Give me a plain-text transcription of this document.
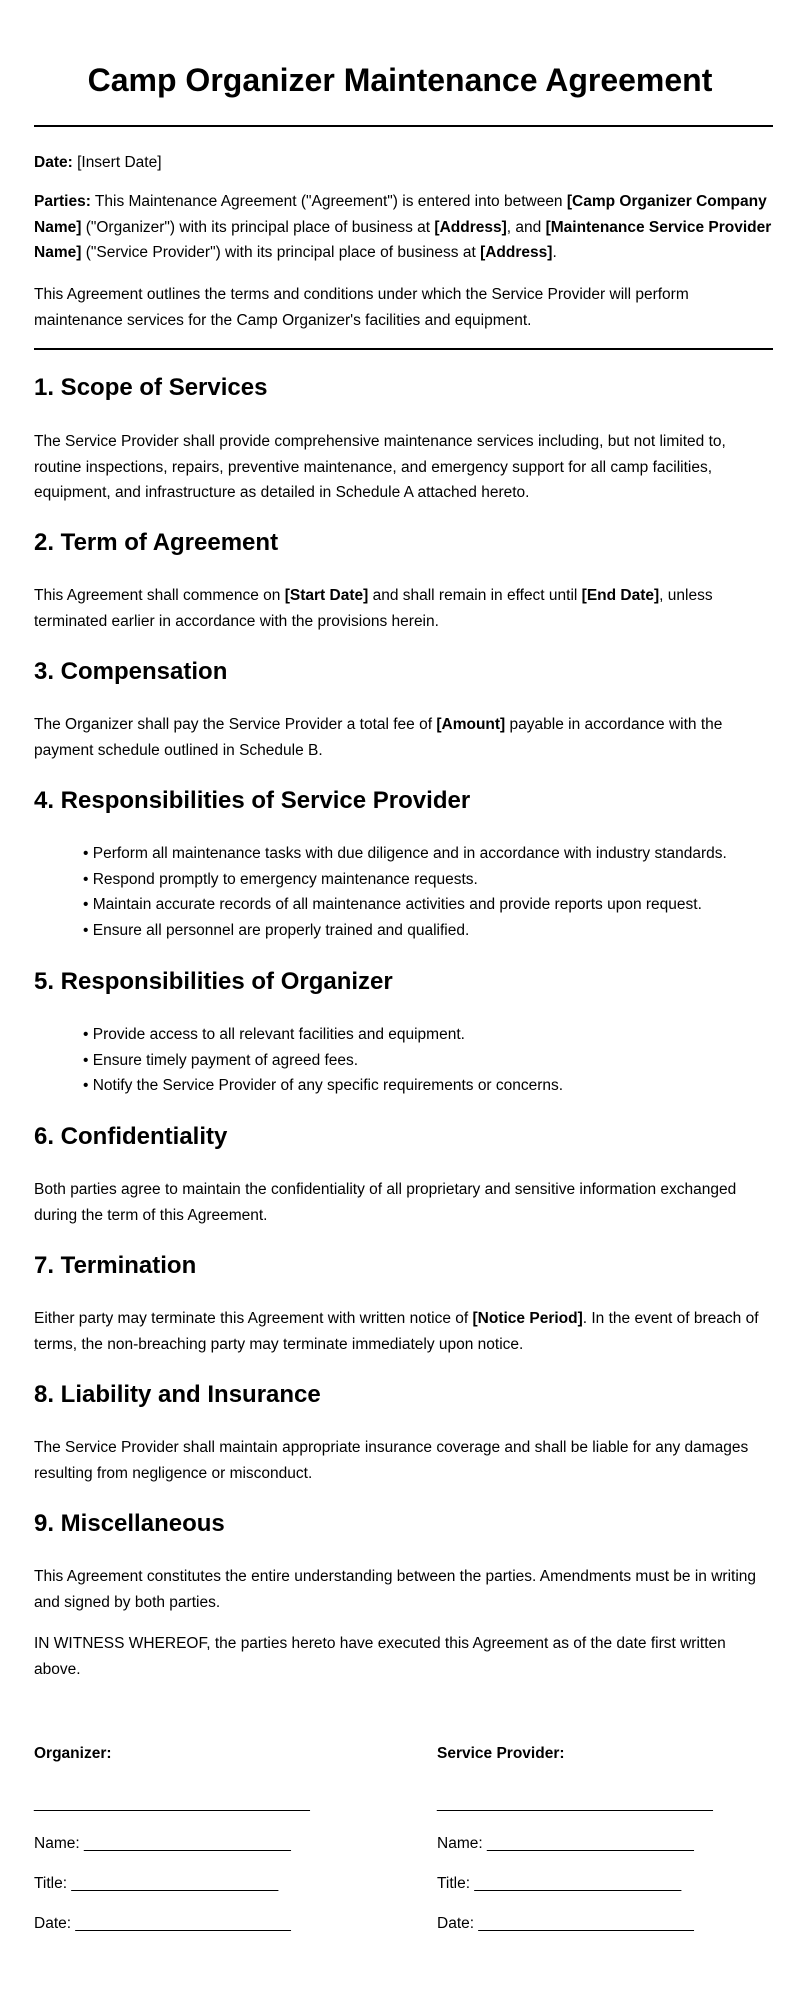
Camp Organizer Maintenance Agreement

Date: [Insert Date]

Parties: This Maintenance Agreement ("Agreement") is entered into between [Camp Organizer Company Name] ("Organizer") with its principal place of business at [Address], and [Maintenance Service Provider Name] ("Service Provider") with its principal place of business at [Address].

This Agreement outlines the terms and conditions under which the Service Provider will perform maintenance services for the Camp Organizer's facilities and equipment.

1. Scope of Services

The Service Provider shall provide comprehensive maintenance services including, but not limited to, routine inspections, repairs, preventive maintenance, and emergency support for all camp facilities, equipment, and infrastructure as detailed in Schedule A attached hereto.

2. Term of Agreement

This Agreement shall commence on [Start Date] and shall remain in effect until [End Date], unless terminated earlier in accordance with the provisions herein.

3. Compensation

The Organizer shall pay the Service Provider a total fee of [Amount] payable in accordance with the payment schedule outlined in Schedule B.

4. Responsibilities of Service Provider
• Perform all maintenance tasks with due diligence and in accordance with industry standards.
• Respond promptly to emergency maintenance requests.
• Maintain accurate records of all maintenance activities and provide reports upon request.
• Ensure all personnel are properly trained and qualified.
5. Responsibilities of Organizer
• Provide access to all relevant facilities and equipment.
• Ensure timely payment of agreed fees.
• Notify the Service Provider of any specific requirements or concerns.
6. Confidentiality

Both parties agree to maintain the confidentiality of all proprietary and sensitive information exchanged during the term of this Agreement.

7. Termination

Either party may terminate this Agreement with written notice of [Notice Period]. In the event of breach of terms, the non-breaching party may terminate immediately upon notice.

8. Liability and Insurance

The Service Provider shall maintain appropriate insurance coverage and shall be liable for any damages resulting from negligence or misconduct.

9. Miscellaneous

This Agreement constitutes the entire understanding between the parties. Amendments must be in writing and signed by both parties.

IN WITNESS WHEREOF, the parties hereto have executed this Agreement as of the date first written above.

Organizer:
________________________________
Name: ________________________
Title: ________________________
Date: _________________________
Service Provider:
________________________________
Name: ________________________
Title: ________________________
Date: _________________________
